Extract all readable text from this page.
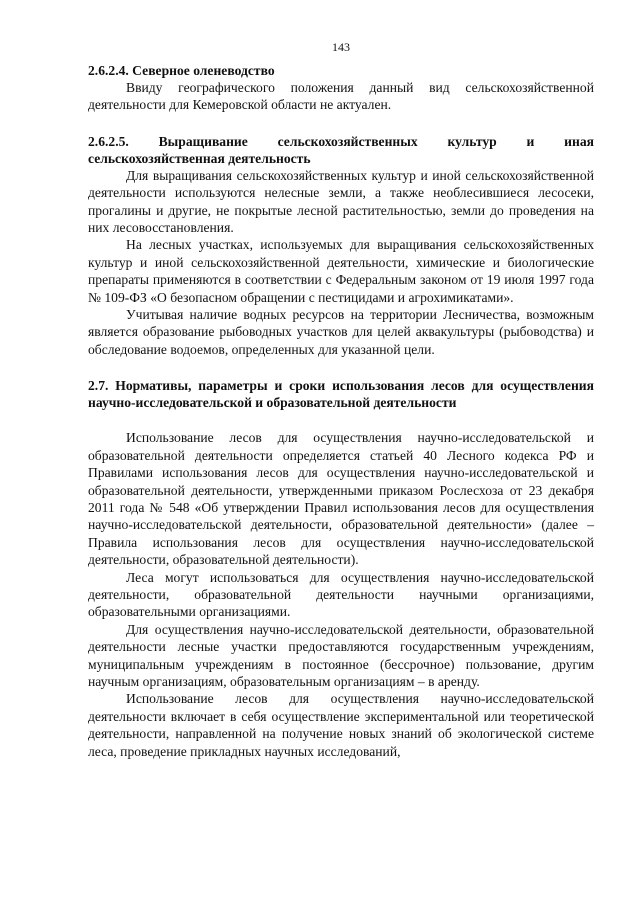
143

2.6.2.4. Северное оленеводство

Ввиду географического положения данный вид сельскохозяйственной деятельности для Кемеровской области не актуален.

2.6.2.5. Выращивание сельскохозяйственных культур и иная сельскохозяйственная деятельность

Для выращивания сельскохозяйственных культур и иной сельскохозяйственной деятельности используются нелесные земли, а также необлесившиеся лесосеки, прогалины и другие, не покрытые лесной растительностью, земли до проведения на них лесовосстановления.

На лесных участках, используемых для выращивания сельскохозяйственных культур и иной сельскохозяйственной деятельности, химические и биологические препараты применяются в соответствии с Федеральным законом от 19 июля 1997 года № 109-ФЗ «О безопасном обращении с пестицидами и агрохимикатами».

Учитывая наличие водных ресурсов на территории Лесничества, возможным является образование рыбоводных участков для целей аквакультуры (рыбоводства) и обследование водоемов, определенных для указанной цели.

2.7. Нормативы, параметры и сроки использования лесов для осуществления научно-исследовательской и образовательной деятельности

Использование лесов для осуществления научно-исследовательской и образовательной деятельности определяется статьей 40 Лесного кодекса РФ и Правилами использования лесов для осуществления научно-исследовательской и образовательной деятельности, утвержденными приказом Рослесхоза от 23 декабря 2011 года № 548 «Об утверждении Правил использования лесов для осуществления научно-исследовательской деятельности, образовательной деятельности» (далее – Правила использования лесов для осуществления научно-исследовательской деятельности, образовательной деятельности).

Леса могут использоваться для осуществления научно-исследовательской деятельности, образовательной деятельности научными организациями, образовательными организациями.

Для осуществления научно-исследовательской деятельности, образовательной деятельности лесные участки предоставляются государственным учреждениям, муниципальным учреждениям в постоянное (бессрочное) пользование, другим научным организациям, образовательным организациям – в аренду.

Использование лесов для осуществления научно-исследовательской деятельности включает в себя осуществление экспериментальной или теоретической деятельности, направленной на получение новых знаний об экологической системе леса, проведение прикладных научных исследований,
